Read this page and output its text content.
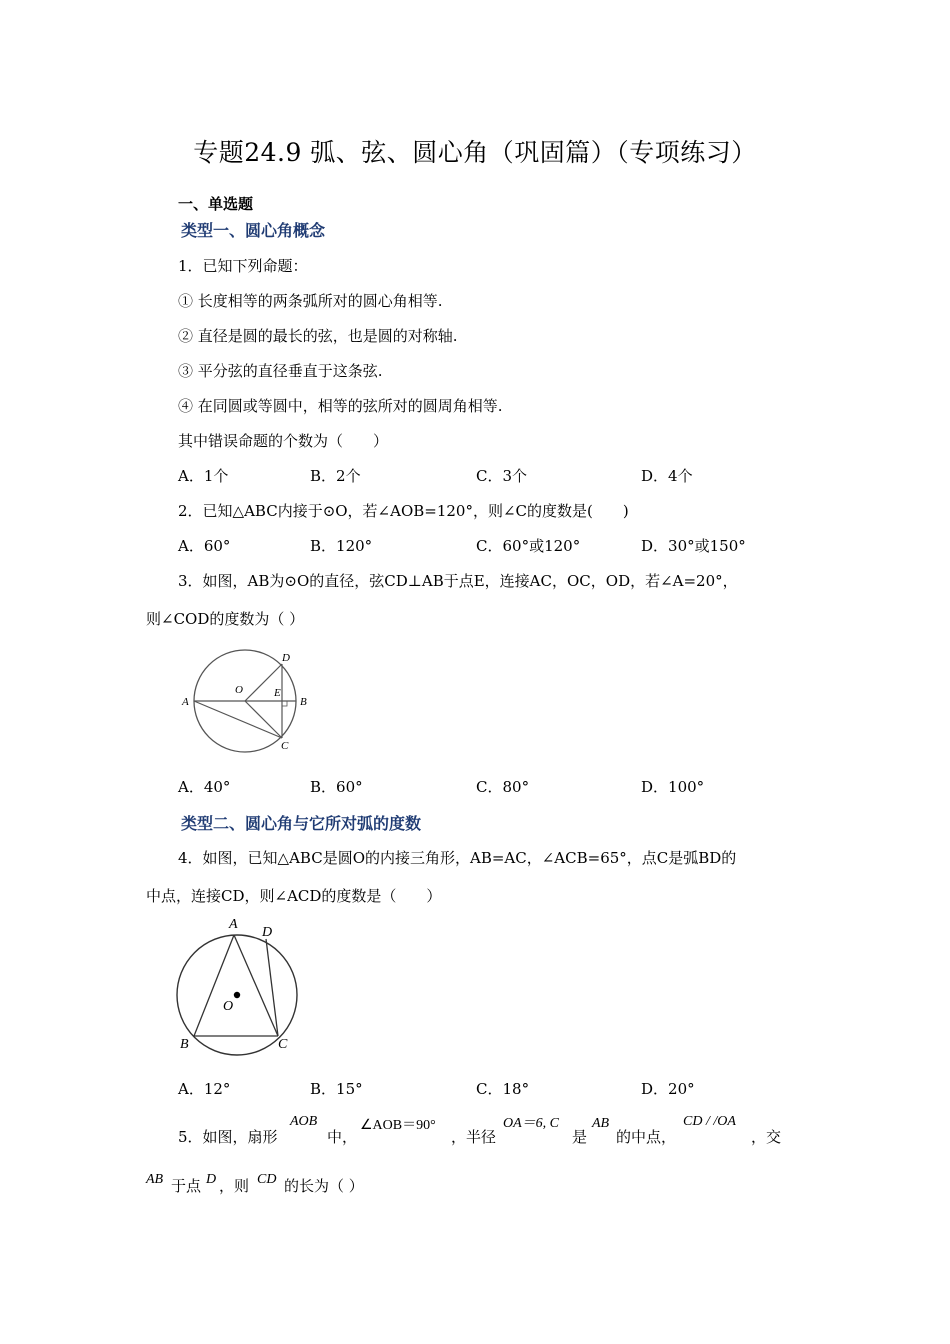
专题24.9 弧、弦、圆心角（巩固篇）（专项练习）
一、单选题
类型一、圆心角概念
1．已知下列命题：
① 长度相等的两条弧所对的圆心角相等.
② 直径是圆的最长的弦，也是圆的对称轴.
③ 平分弦的直径垂直于这条弦.
④ 在同圆或等圆中，相等的弦所对的圆周角相等.
其中错误命题的个数为（　　）
A．1个	B．2个	C．3个	D．4个
2．已知△ABC内接于⊙O，若∠AOB=120°，则∠C的度数是(　　)
A．60°	B．120°	C．60°或120°	D．30°或150°
3．如图，AB为⊙O的直径，弦CD⊥AB于点E，连接AC，OC，OD，若∠A=20°，
则∠COD的度数为（ ）
A	B
C
D
E
O
A．40°	B．60°	C．80°	D．100°
类型二、圆心角与它所对弧的度数
4．如图，已知△ABC是圆O的内接三角形，AB=AC，∠ACB=65°，点C是弧BD的
中点，连接CD，则∠ACD的度数是（　　）
A
B	C
D
O
A．12°	B．15°	C．18°	D．20°
5．如图，扇形
AOB
中，
∠AOB＝90°
，半径
OA＝6, C
是
AB
的中点，
CD / /OA
，交
AB 于点 D ，则 CD 的长为（ ）
